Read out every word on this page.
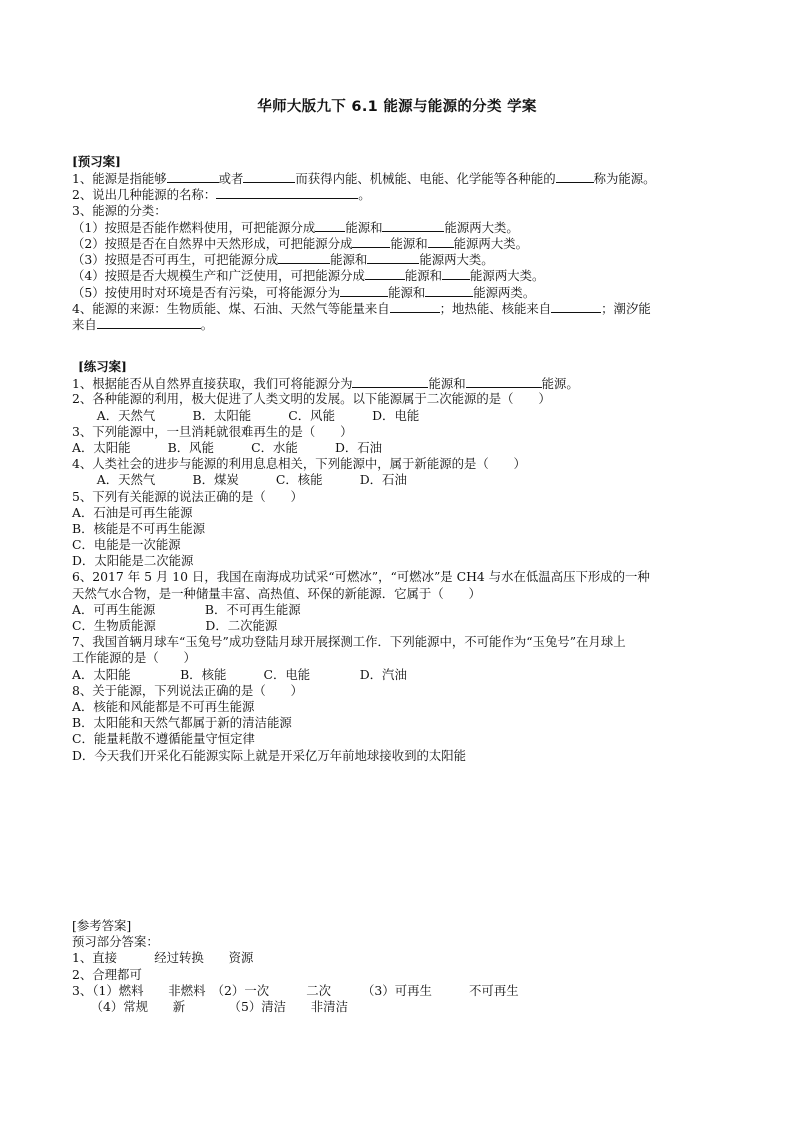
华师大版九下 6.1 能源与能源的分类 学案
[预习案]
1、能源是指能够	或者	而获得内能、机械能、电能、化学能等各种能的	称为能源。
2、说出几种能源的名称：	。
3、能源的分类：
（1）按照是否能作燃料使用，可把能源分成 能源和	能源两大类。
（2）按照是否在自然界中天然形成，可把能源分成	能源和 能源两大类。
（3）按照是否可再生，可把能源分成	能源和	能源两大类。
（4）按照是否大规模生产和广泛使用，可把能源分成	能源和 能源两大类。
（5）按使用时对环境是否有污染，可将能源分为	能源和	能源两类。
4、能源的来源：生物质能、煤、石油、天然气等能量来自	；地热能、核能来自	；潮汐能
来自	。
[练习案]
1、根据能否从自然界直接获取，我们可将能源分为	能源和	能源。
2、各种能源的利用，极大促进了人类文明的发展。以下能源属于二次能源的是（　　）
　　A．天然气　　　B．太阳能　　　C．风能　　　D．电能
3、下列能源中，一旦消耗就很难再生的是（　　）
A．太阳能　　　B．风能　　　C．水能　　　D．石油
4、人类社会的进步与能源的利用息息相关，下列能源中，属于新能源的是（　　）
　　A．天然气　　　B．煤炭　　　C．核能　　　D．石油
5、下列有关能源的说法正确的是（　　）
A．石油是可再生能源
B．核能是不可再生能源
C．电能是一次能源
D．太阳能是二次能源
6、2017 年 5 月 10 日，我国在南海成功试采“可燃冰”，“可燃冰”是 CH4 与水在低温高压下形成的一种
天然气水合物，是一种储量丰富、高热值、环保的新能源．它属于（　　）
A．可再生能源　　　　B．不可再生能源
C．生物质能源　　　　D．二次能源
7、我国首辆月球车“玉兔号”成功登陆月球开展探测工作．下列能源中，不可能作为“玉兔号”在月球上
工作能源的是（　　）
A．太阳能　　　　B．核能　　　C．电能　　　　D．汽油
8、关于能源，下列说法正确的是（　　）
A．核能和风能都是不可再生能源
B．太阳能和天然气都属于新的清洁能源
C．能量耗散不遵循能量守恒定律
D．今天我们开采化石能源实际上就是开采亿万年前地球接收到的太阳能
[参考答案]
预习部分答案：
1、直接　　　经过转换　　资源
2、合理都可
3、（1）燃料　　非燃料　（2）一次　　　二次　　　（3）可再生　　　不可再生
　　（4）常规　　新　　　　（5）清洁　　非清洁
